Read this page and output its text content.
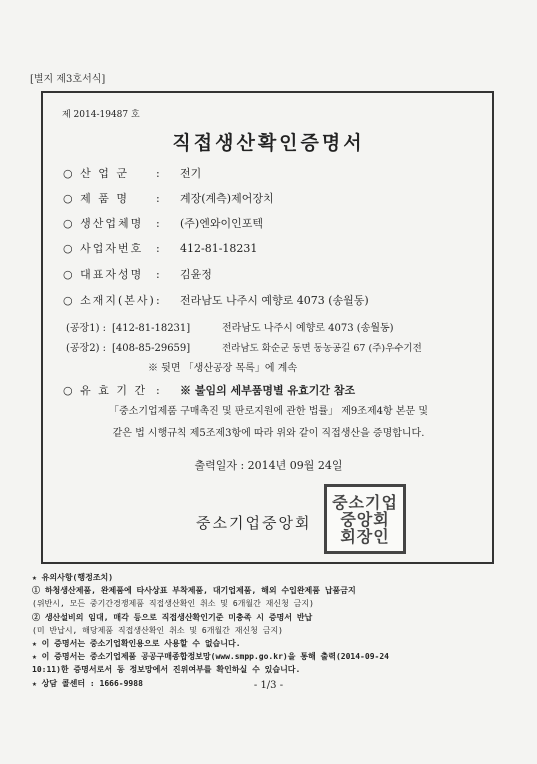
[별지 제3호서식]
제 2014-19487 호
직접생산확인증명서
○ 산 업 군 : 전기
○ 제 품 명 : 계장(계측)제어장치
○ 생산업체명 : (주)엔와이인포텍
○ 사업자번호 : 412-81-18231
○ 대표자성명 : 김윤정
○ 소재지(본사): 전라남도 나주시 예향로 4073 (송월동)
(공장1) : [412-81-18231]	전라남도 나주시 예향로 4073 (송월동)
(공장2) : [408-85-29659]	전라남도 화순군 동면 동농공길 67 (주)우수기전
※ 뒷면 「생산공장 목록」에 계속
○ 유 효 기 간 : ※ 불임의 세부품명별 유효기간 참조
「중소기업제품 구매촉진 및 판로지원에 관한 법률」 제9조제4항 본문 및
같은 법 시행규칙 제5조제3항에 따라 위와 같이 직접생산을 증명합니다.
출력일자 : 2014년 09월 24일
중소기업중앙회
중소기업
중앙회
회장인
★ 유의사항(행정조치)
① 하청생산제품, 완제품에 타사상표 부착제품, 대기업제품, 해외 수입완제품 납품금지
(위반시, 모든 중기간경쟁제품 직접생산확인 취소 및 6개월간 재신청 금지)
② 생산설비의 임대, 매각 등으로 직접생산확인기준 미충족 시 증명서 반납
(미 반납시, 해당제품 직접생산확인 취소 및 6개월간 재신청 금지)
★ 이 증명서는 중소기업확인용으로 사용할 수 없습니다.
★ 이 증명서는 중소기업제품 공공구매종합정보망(www.smpp.go.kr)을 통해 출력(2014-09-24
10:11)한 증명서로서 동 정보망에서 진위여부를 확인하실 수 있습니다.
★ 상담 콜센터 : 1666-9988	- 1/3 -
